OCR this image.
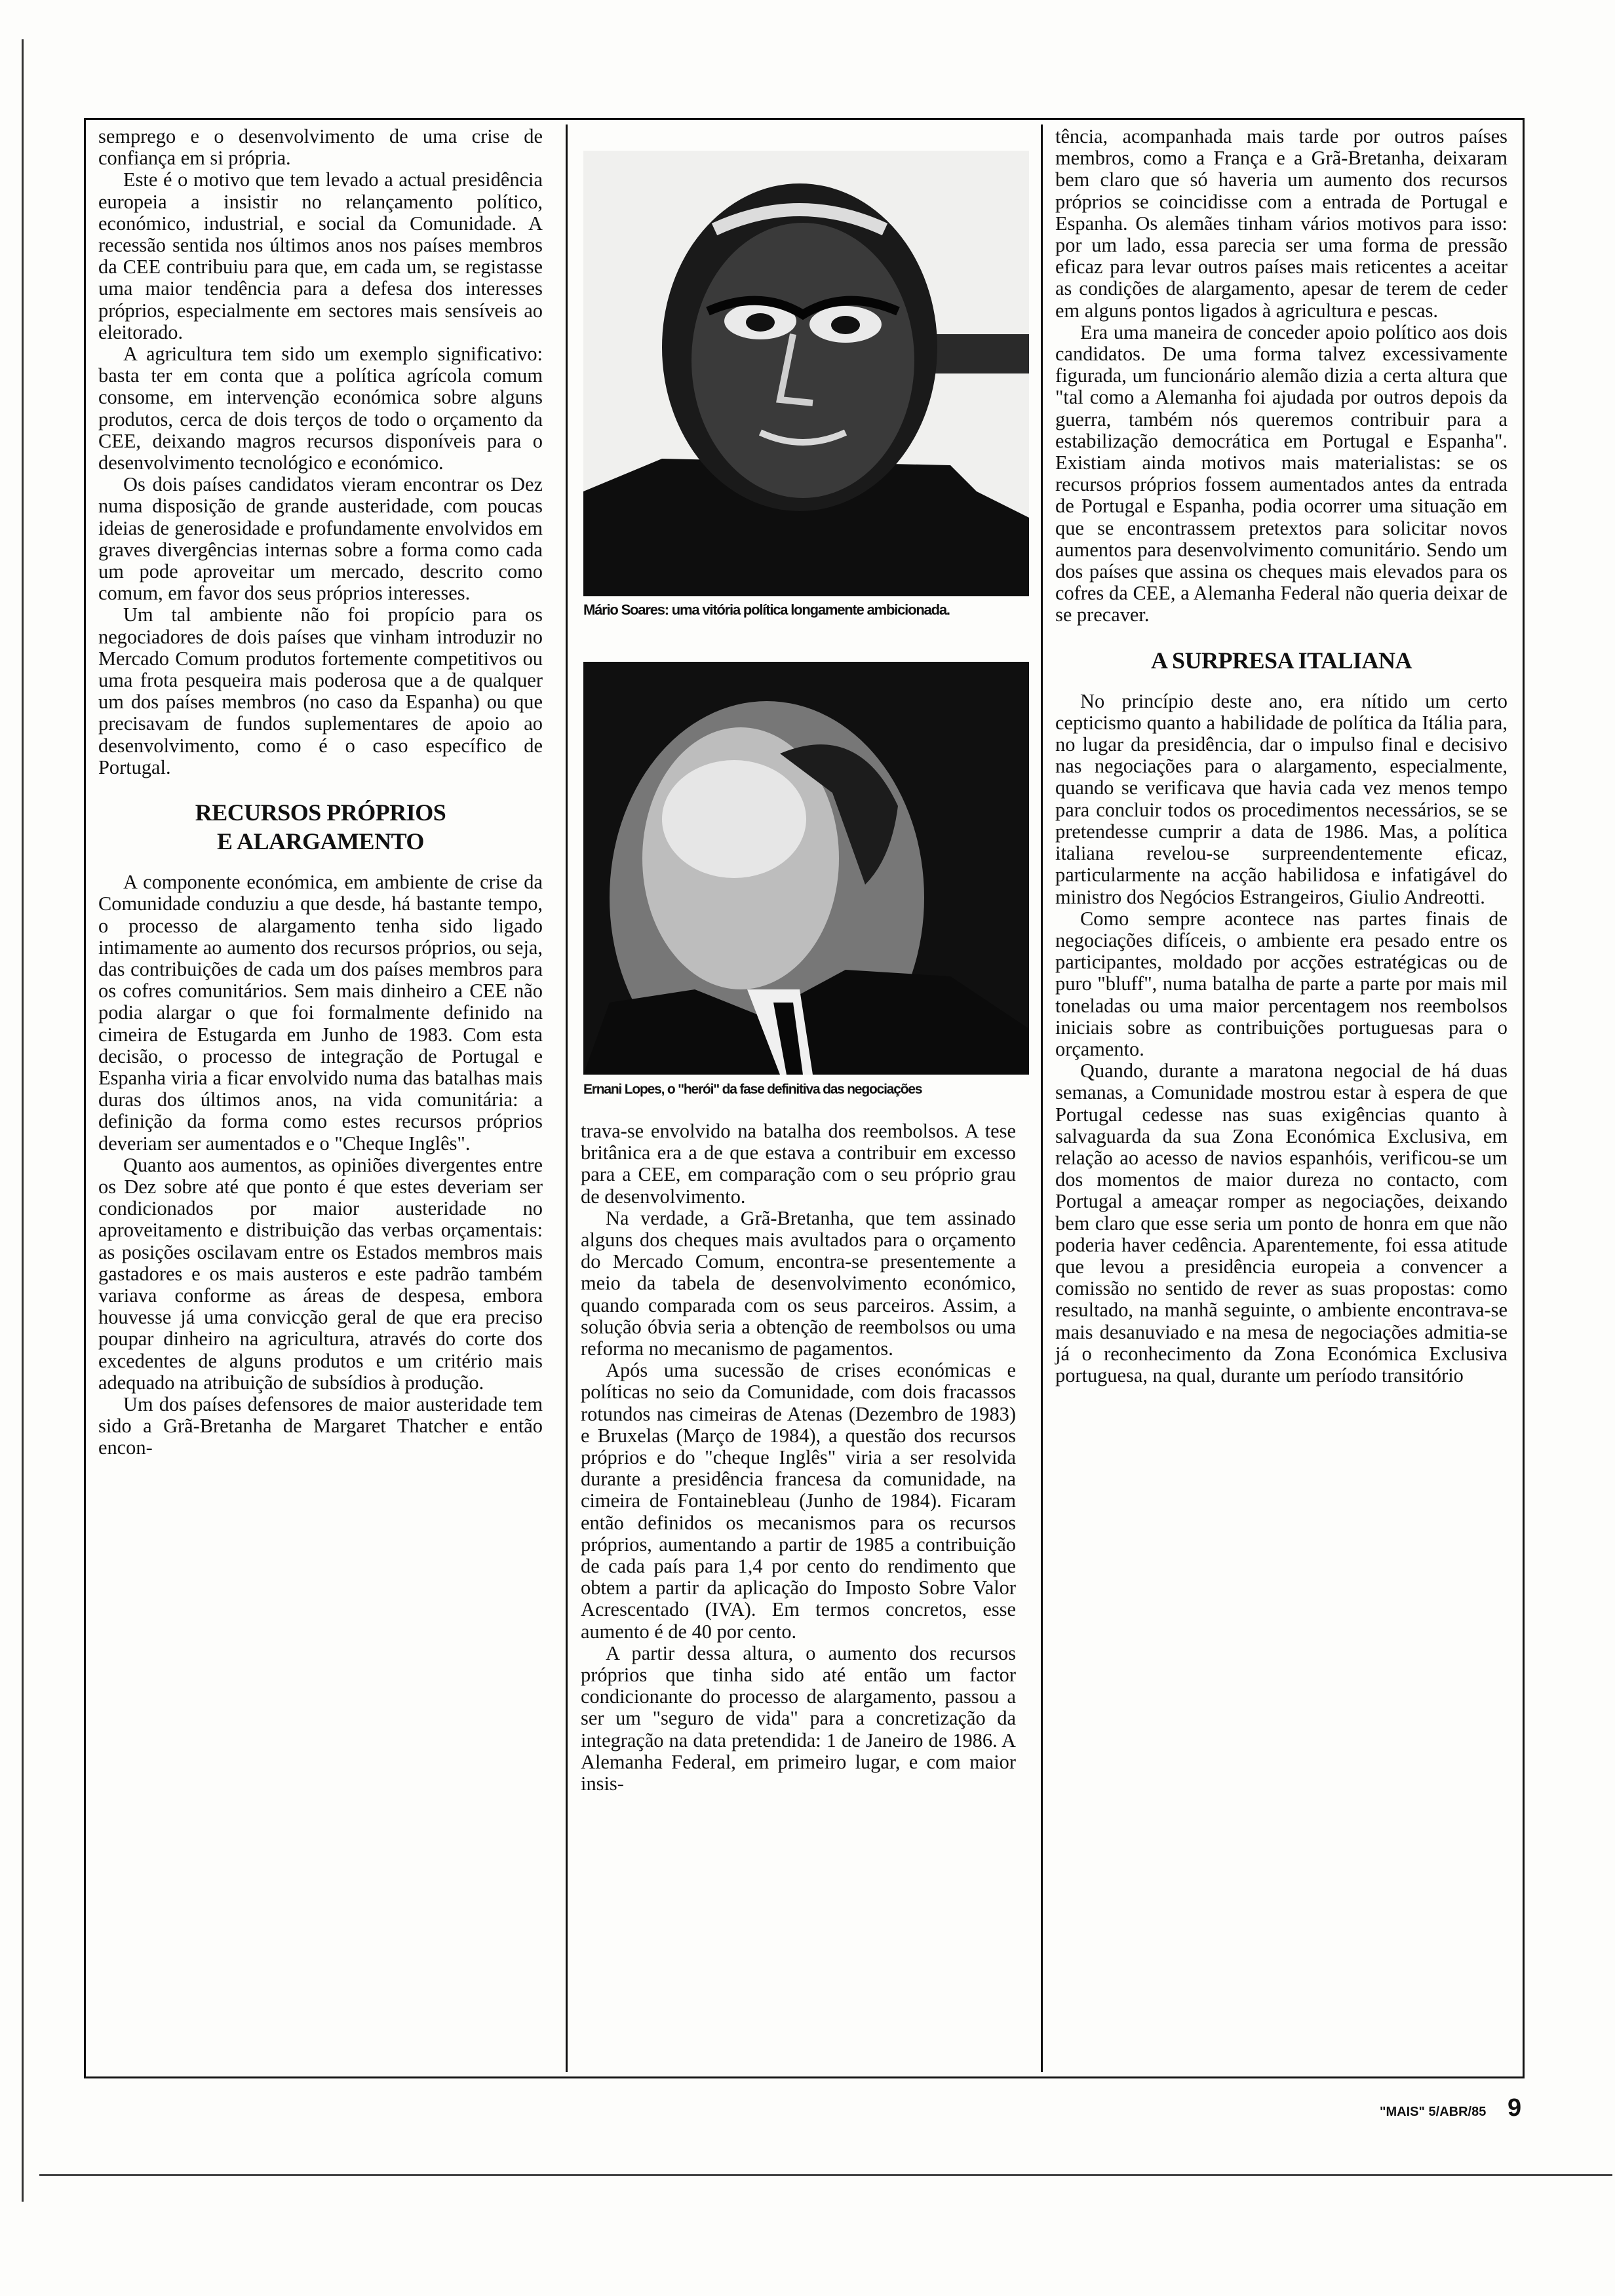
semprego e o desenvolvimento de uma crise de confiança em si própria.

Este é o motivo que tem levado a actual presidência europeia a insistir no relançamento político, económico, industrial, e social da Comunidade. A recessão sentida nos últimos anos nos países membros da CEE contribuiu para que, em cada um, se registasse uma maior tendência para a defesa dos interesses próprios, especialmente em sectores mais sensíveis ao eleitorado.

A agricultura tem sido um exemplo significativo: basta ter em conta que a política agrícola comum consome, em intervenção económica sobre alguns produtos, cerca de dois terços de todo o orçamento da CEE, deixando magros recursos disponíveis para o desenvolvimento tecnológico e económico.

Os dois países candidatos vieram encontrar os Dez numa disposição de grande austeridade, com poucas ideias de generosidade e profundamente envolvidos em graves divergências internas sobre a forma como cada um pode aproveitar um mercado, descrito como comum, em favor dos seus próprios interesses.

Um tal ambiente não foi propício para os negociadores de dois países que vinham introduzir no Mercado Comum produtos fortemente competitivos ou uma frota pesqueira mais poderosa que a de qualquer um dos países membros (no caso da Espanha) ou que precisavam de fundos suplementares de apoio ao desenvolvimento, como é o caso específico de Portugal.

RECURSOS PRÓPRIOS
E ALARGAMENTO

A componente económica, em ambiente de crise da Comunidade conduziu a que desde, há bastante tempo, o processo de alargamento tenha sido ligado intimamente ao aumento dos recursos próprios, ou seja, das contribuições de cada um dos países membros para os cofres comunitários. Sem mais dinheiro a CEE não podia alargar o que foi formalmente definido na cimeira de Estugarda em Junho de 1983. Com esta decisão, o processo de integração de Portugal e Espanha viria a ficar envolvido numa das batalhas mais duras dos últimos anos, na vida comunitária: a definição da forma como estes recursos próprios deveriam ser aumentados e o "Cheque Inglês".

Quanto aos aumentos, as opiniões divergentes entre os Dez sobre até que ponto é que estes deveriam ser condicionados por maior austeridade no aproveitamento e distribuição das verbas orçamentais: as posições oscilavam entre os Estados membros mais gastadores e os mais austeros e este padrão também variava conforme as áreas de despesa, embora houvesse já uma convicção geral de que era preciso poupar dinheiro na agricultura, através do corte dos excedentes de alguns produtos e um critério mais adequado na atribuição de subsídios à produção.

Um dos países defensores de maior austeridade tem sido a Grã-Bretanha de Margaret Thatcher e então encon-

Mário Soares: uma vitória política longamente ambicionada.
Ernani Lopes, o "herói" da fase definitiva das negociações

trava-se envolvido na batalha dos reembolsos. A tese britânica era a de que estava a contribuir em excesso para a CEE, em comparação com o seu próprio grau de desenvolvimento.

Na verdade, a Grã-Bretanha, que tem assinado alguns dos cheques mais avultados para o orçamento do Mercado Comum, encontra-se presentemente a meio da tabela de desenvolvimento económico, quando comparada com os seus parceiros. Assim, a solução óbvia seria a obtenção de reembolsos ou uma reforma no mecanismo de pagamentos.

Após uma sucessão de crises económicas e políticas no seio da Comunidade, com dois fracassos rotundos nas cimeiras de Atenas (Dezembro de 1983) e Bruxelas (Março de 1984), a questão dos recursos próprios e do "cheque Inglês" viria a ser resolvida durante a presidência francesa da comunidade, na cimeira de Fontainebleau (Junho de 1984). Ficaram então definidos os mecanismos para os recursos próprios, aumentando a partir de 1985 a contribuição de cada país para 1,4 por cento do rendimento que obtem a partir da aplicação do Imposto Sobre Valor Acrescentado (IVA). Em termos concretos, esse aumento é de 40 por cento.

A partir dessa altura, o aumento dos recursos próprios que tinha sido até então um factor condicionante do processo de alargamento, passou a ser um "seguro de vida" para a concretização da integração na data pretendida: 1 de Janeiro de 1986. A Alemanha Federal, em primeiro lugar, e com maior insis-

tência, acompanhada mais tarde por outros países membros, como a França e a Grã-Bretanha, deixaram bem claro que só haveria um aumento dos recursos próprios se coincidisse com a entrada de Portugal e Espanha. Os alemães tinham vários motivos para isso: por um lado, essa parecia ser uma forma de pressão eficaz para levar outros países mais reticentes a aceitar as condições de alargamento, apesar de terem de ceder em alguns pontos ligados à agricultura e pescas.

Era uma maneira de conceder apoio político aos dois candidatos. De uma forma talvez excessivamente figurada, um funcionário alemão dizia a certa altura que "tal como a Alemanha foi ajudada por outros depois da guerra, também nós queremos contribuir para a estabilização democrática em Portugal e Espanha". Existiam ainda motivos mais materialistas: se os recursos próprios fossem aumentados antes da entrada de Portugal e Espanha, podia ocorrer uma situação em que se encontrassem pretextos para solicitar novos aumentos para desenvolvimento comunitário. Sendo um dos países que assina os cheques mais elevados para os cofres da CEE, a Alemanha Federal não queria deixar de se precaver.

A SURPRESA ITALIANA

No princípio deste ano, era nítido um certo cepticismo quanto a habilidade de política da Itália para, no lugar da presidência, dar o impulso final e decisivo nas negociações para o alargamento, especialmente, quando se verificava que havia cada vez menos tempo para concluir todos os procedimentos necessários, se se pretendesse cumprir a data de 1986. Mas, a política italiana revelou-se surpreendentemente eficaz, particularmente na acção habilidosa e infatigável do ministro dos Negócios Estrangeiros, Giulio Andreotti.

Como sempre acontece nas partes finais de negociações difíceis, o ambiente era pesado entre os participantes, moldado por acções estratégicas ou de puro "bluff", numa batalha de parte a parte por mais mil toneladas ou uma maior percentagem nos reembolsos iniciais sobre as contribuições portuguesas para o orçamento.

Quando, durante a maratona negocial de há duas semanas, a Comunidade mostrou estar à espera de que Portugal cedesse nas suas exigências quanto à salvaguarda da sua Zona Económica Exclusiva, em relação ao acesso de navios espanhóis, verificou-se um dos momentos de maior dureza no contacto, com Portugal a ameaçar romper as negociações, deixando bem claro que esse seria um ponto de honra em que não poderia haver cedência. Aparentemente, foi essa atitude que levou a presidência europeia a convencer a comissão no sentido de rever as suas propostas: como resultado, na manhã seguinte, o ambiente encontrava-se mais desanuviado e na mesa de negociações admitia-se já o reconhecimento da Zona Económica Exclusiva portuguesa, na qual, durante um período transitório

"MAIS" 5/ABR/85 9
